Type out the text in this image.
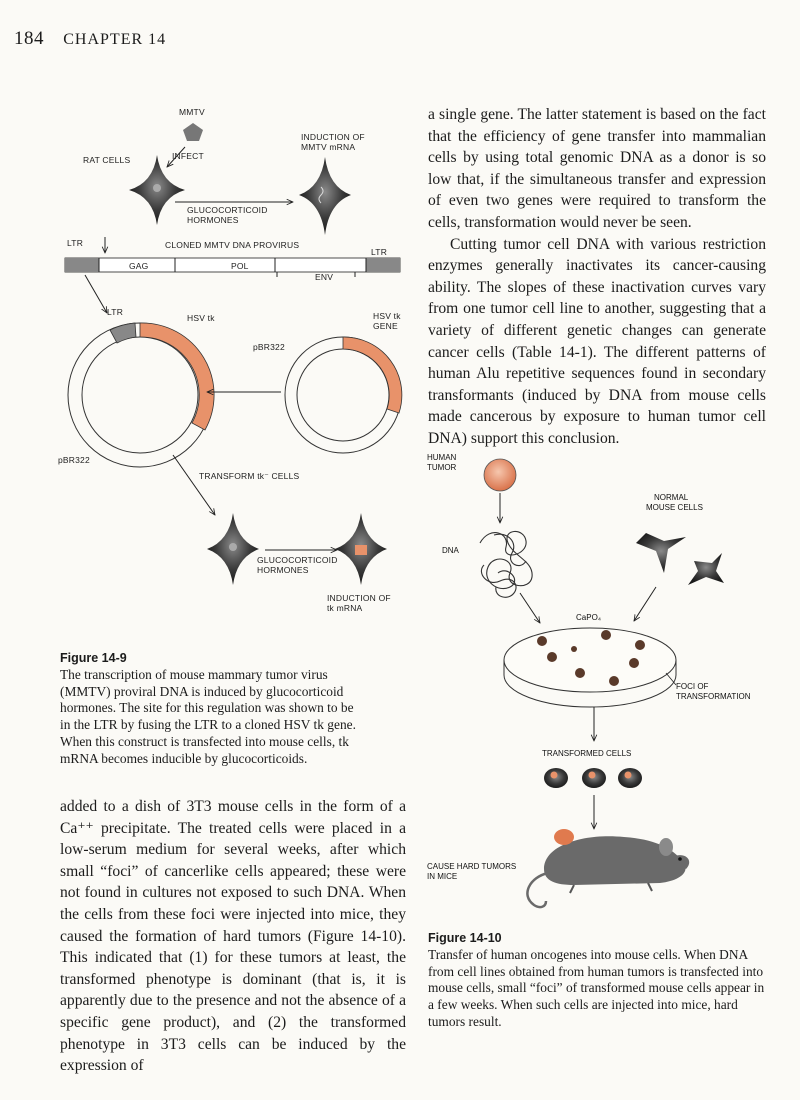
184 CHAPTER 14
MMTV
RAT CELLS	INFECT
GLUCOCORTICOID
HORMONES
INDUCTION OF
MMTV mRNA
LTR	CLONED MMTV DNA PROVIRUS
LTR
GAG	POL
ENV
LTR
HSV tk
pBR322
HSV tk
GENE
pBR322
TRANSFORM tk⁻ CELLS
GLUCOCORTICOID
HORMONES
INDUCTION OF
tk mRNA
Figure 14-9
The transcription of mouse mammary tumor virus (MMTV) proviral DNA is induced by glucocorticoid hormones. The site for this regulation was shown to be in the LTR by fusing the LTR to a cloned HSV tk gene. When this construct is transfected into mouse cells, tk mRNA becomes inducible by glucocorticoids.

added to a dish of 3T3 mouse cells in the form of a Ca⁺⁺ precipitate. The treated cells were placed in a low-serum medium for several weeks, after which small “foci” of cancerlike cells appeared; these were not found in cultures not exposed to such DNA. When the cells from these foci were injected into mice, they caused the formation of hard tumors (Figure 14-10). This indicated that (1) for these tumors at least, the transformed phenotype is dominant (that is, it is apparently due to the presence and not the absence of a specific gene product), and (2) the transformed phenotype in 3T3 cells can be induced by the expression of

a single gene. The latter statement is based on the fact that the efficiency of gene transfer into mammalian cells by using total genomic DNA as a donor is so low that, if the simultaneous transfer and expression of even two genes were required to transform the cells, transformation would never be seen.

Cutting tumor cell DNA with various restriction enzymes generally inactivates its cancer-causing ability. The slopes of these inactivation curves vary from one tumor cell line to another, suggesting that a variety of different genetic changes can generate cancer cells (Table 14-1). The different patterns of human Alu repetitive sequences found in secondary transformants (induced by DNA from mouse cells made cancerous by exposure to human tumor cell DNA) support this conclusion.

HUMAN
TUMOR
DNA
NORMAL
MOUSE CELLS
CaPO₄
FOCI OF
TRANSFORMATION
TRANSFORMED CELLS
CAUSE HARD TUMORS
IN MICE
Figure 14-10
Transfer of human oncogenes into mouse cells. When DNA from cell lines obtained from human tumors is transfected into mouse cells, small “foci” of transformed mouse cells appear in a few weeks. When such cells are injected into mice, hard tumors result.
